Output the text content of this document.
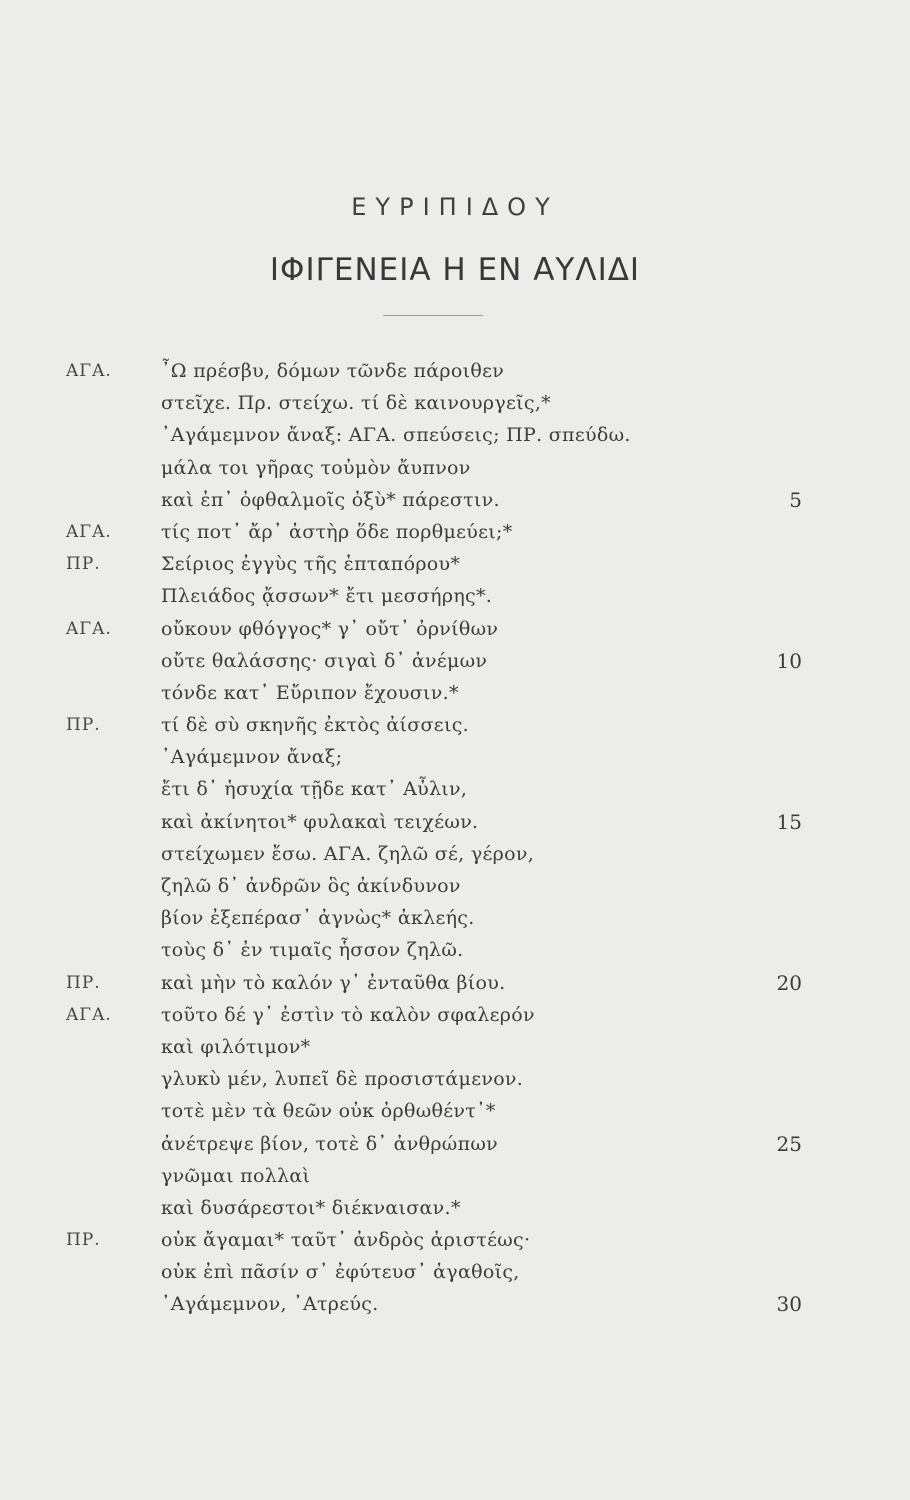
ΕΥΡΙΠΙΔΟΥ
ΙΦΙΓΕΝΕΙΑ Η ΕΝ ΑΥΛΙΔΙ
ΑΓΑ.	῏Ω πρέσβυ, δόμων τῶνδε πάροιθεν
στεῖχε. Πρ. στείχω. τί δὲ καινουργεῖς,*
᾿Αγάμεμνον ἄναξ: ΑΓΑ. σπεύσεις; ΠΡ. σπεύδω.
μάλα τοι γῆρας τοὐμὸν ἄυπνον
καὶ ἐπ᾿ ὀφθαλμοῖς ὀξὺ* πάρεστιν.	5
ΑΓΑ.	τίς ποτ᾿ ἄρ᾿ ἀστὴρ ὅδε πορθμεύει;*
ΠΡ.	Σείριος ἐγγὺς τῆς ἑπταπόρου*
Πλειάδος ᾄσσων* ἔτι μεσσήρης*.
ΑΓΑ.	οὔκουν φθόγγος* γ᾿ οὔτ᾿ ὀρνίθων
οὔτε θαλάσσης· σιγαὶ δ᾿ ἀνέμων	10
τόνδε κατ᾿ Εὔριπον ἔχουσιν.*
ΠΡ.	τί δὲ σὺ σκηνῆς ἐκτὸς ἀίσσεις.
᾿Αγάμεμνον ἄναξ;
ἔτι δ᾿ ἡσυχία τῇδε κατ᾿ Αὖλιν,
καὶ ἀκίνητοι* φυλακαὶ τειχέων.	15
στείχωμεν ἔσω. ΑΓΑ. ζηλῶ σέ, γέρον,
ζηλῶ δ᾿ ἀνδρῶν ὃς ἀκίνδυνον
βίον ἐξεπέρασ᾿ ἀγνὼς* ἀκλεής.
τοὺς δ᾿ ἐν τιμαῖς ἧσσον ζηλῶ.
ΠΡ.	καὶ μὴν τὸ καλόν γ᾿ ἐνταῦθα βίου.	20
ΑΓΑ.	τοῦτο δέ γ᾿ ἐστὶν τὸ καλὸν σφαλερόν
καὶ φιλότιμον*
γλυκὺ μέν, λυπεῖ δὲ προσιστάμενον.
τοτὲ μὲν τὰ θεῶν οὐκ ὀρθωθέντ᾿*
ἀνέτρεψε βίον, τοτὲ δ᾿ ἀνθρώπων	25
γνῶμαι πολλαὶ
καὶ δυσάρεστοι* διέκναισαν.*
ΠΡ.	οὐκ ἄγαμαι* ταῦτ᾿ ἀνδρὸς ἀριστέως·
οὐκ ἐπὶ πᾶσίν σ᾿ ἐφύτευσ᾿ ἀγαθοῖς,
᾿Αγάμεμνον, ᾿Ατρεύς.	30
